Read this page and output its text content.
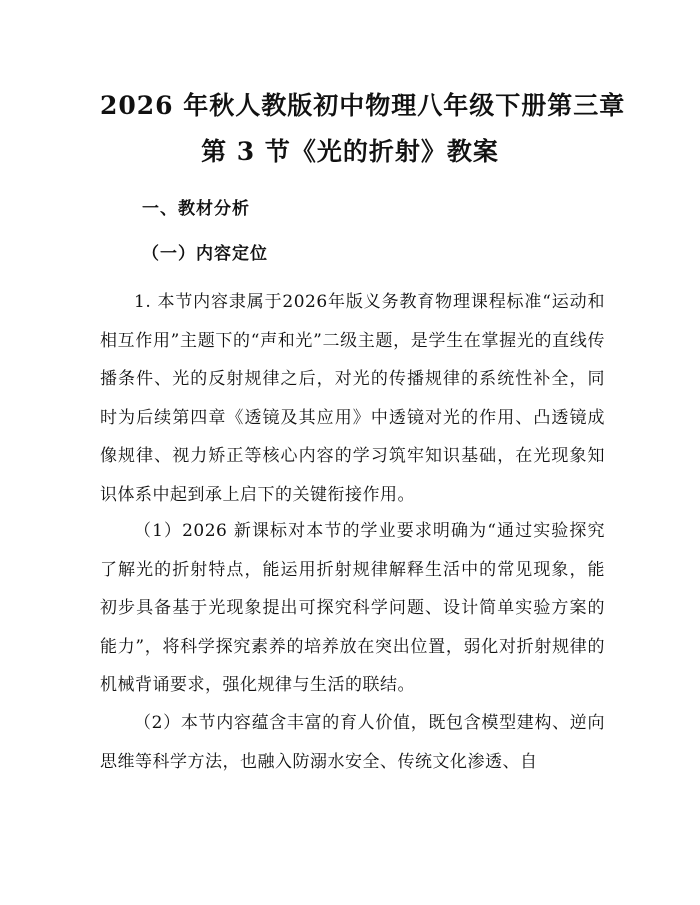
2026 年秋人教版初中物理八年级下册第三章
第 3 节《光的折射》教案
一、教材分析
（一）内容定位

1. 本节内容隶属于2026年版义务教育物理课程标准“运动和相互作用”主题下的“声和光”二级主题，是学生在掌握光的直线传播条件、光的反射规律之后，对光的传播规律的系统性补全，同时为后续第四章《透镜及其应用》中透镜对光的作用、凸透镜成像规律、视力矫正等核心内容的学习筑牢知识基础，在光现象知识体系中起到承上启下的关键衔接作用。

（1）2026 新课标对本节的学业要求明确为“通过实验探究了解光的折射特点，能运用折射规律解释生活中的常见现象，能初步具备基于光现象提出可探究科学问题、设计简单实验方案的能力”，将科学探究素养的培养放在突出位置，弱化对折射规律的机械背诵要求，强化规律与生活的联结。

（2）本节内容蕴含丰富的育人价值，既包含模型建构、逆向思维等科学方法，也融入防溺水安全、传统文化渗透、自
